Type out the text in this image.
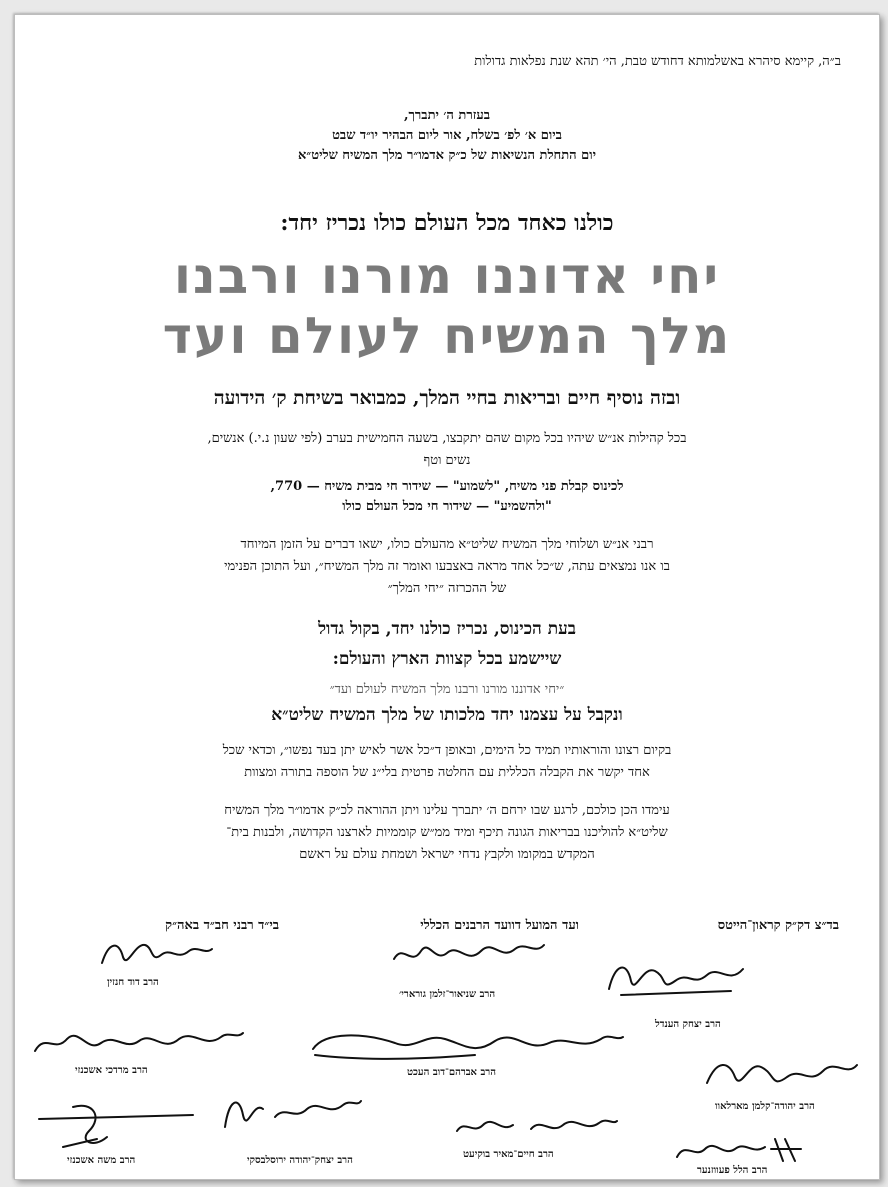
ב״ה, קיימא סיהרא באשלמותא דחודש טבת, הי׳ תהא שנת נפלאות גדולות
בעזרת ה׳ יתברך,
ביום א׳ לפ׳ בשלח, אור ליום הבהיר יו״ד שבט
יום התחלת הנשיאות של כ״ק אדמו״ר מלך המשיח שליט״א
כולנו כאחד מכל העולם כולו נכריז יחד:
יחי אדוננו מורנו ורבנו
מלך המשיח לעולם ועד
ובזה נוסיף חיים ובריאות בחיי המלך, כמבואר בשיחת ק׳ הידועה
בכל קהילות אנ״ש שיהיו בכל מקום שהם יתקבצו, בשעה החמישית בערב (לפי שעון נ.י.) אנשים,
נשים וטף
לכינוס קבלת פני משיח, "לשמוע" — שידור חי מבית משיח — 770,
"ולהשמיע" — שידור חי מכל העולם כולו
רבני אנ״ש ושלוחי מלך המשיח שליט״א מהעולם כולו, ישאו דברים על הזמן המיוחד
בו אנו נמצאים עתה, ש״כל אחד מראה באצבעו ואומר זה מלך המשיח״, ועל התוכן הפנימי
של ההכרזה ״יחי המלך״
בעת הכינוס, נכריז כולנו יחד, בקול גדול
שיישמע בכל קצוות הארץ והעולם:
״יחי אדוננו מורנו ורבנו מלך המשיח לעולם ועד״
ונקבל על עצמנו יחד מלכותו של מלך המשיח שליט״א
בקיום רצונו והוראותיו תמיד כל הימים, ובאופן ד״כל אשר לאיש יתן בעד נפשו״, וכדאי שכל
אחד יקשר את הקבלה הכללית עם החלטה פרטית בלי״נ של הוספה בתורה ומצוות
עימדו הכן כולכם, לרגע שבו ירחם ה׳ יתברך עלינו ויתן ההוראה לכ״ק אדמו״ר מלך המשיח
שליט״א להוליכנו בבריאות הגונה תיכף ומיד ממ״ש קוממיות לארצנו הקדושה, ולבנות בית־
המקדש במקומו ולקבץ נדחי ישראל ושמחת עולם על ראשם
בד״צ דק״ק קראון־הייטס
ועד המועל דוועד הרבנים הכללי
בי״ד רבני חב״ד באה״ק
הרב דוד חנזין
הרב שניאור־זלמן גורארי׳
הרב יצחק הענדל
הרב מרדכי אשכנזי	הרב אברהם־דוב העכט
הרב יהודה־קלמן מארלאוו
הרב משה אשכנזי	הרב יצחק־יהודה ירוסלבסקי
הרב חיים־מאיר בוקיעט
הרב הלל פעווזנער
